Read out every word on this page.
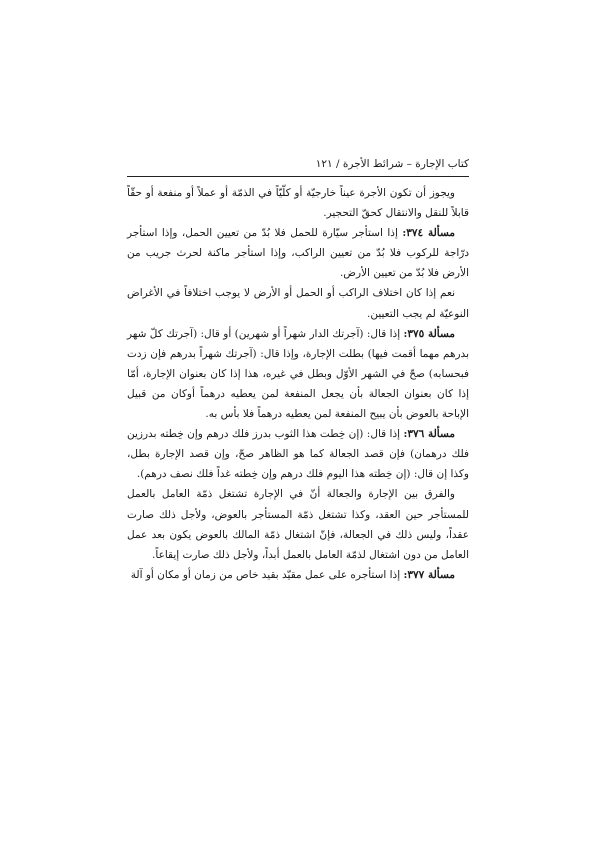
كتاب الإجارة – شرائط الأجرة / ١٢١

ويجوز أن تكون الأجرة عيناً خارجيّة أو كلّيّاً في الذمّة أو عملاً أو منفعة أو حقّاً قابلاً للنقل والانتقال كحقّ التحجير.

مسألة ٣٧٤: إذا استأجر سيّارة للحمل فلا بُدّ من تعيين الحمل، وإذا استأجر درّاجة للركوب فلا بُدّ من تعيين الراكب، وإذا استأجر ماكنة لحرث جريب من الأرض فلا بُدّ من تعيين الأرض.

نعم إذا كان اختلاف الراكب أو الحمل أو الأرض لا يوجب اختلافاً في الأغراض النوعيّة لم يجب التعيين.

مسألة ٣٧٥: إذا قال: (آجرتك الدار شهراً أو شهرين) أو قال: (آجرتك كلّ شهر بدرهم مهما أقمت فيها) بطلت الإجارة، وإذا قال: (آجرتك شهراً بدرهم فإن زدت فبحسابه) صحّ في الشهر الأوّل وبطل في غيره، هذا إذا كان بعنوان الإجارة، أمّا إذا كان بعنوان الجعالة بأن يجعل المنفعة لمن يعطيه درهماً أوكان من قبيل الإباحة بالعوض بأن يبيح المنفعة لمن يعطيه درهماً فلا بأس به.

مسألة ٣٧٦: إذا قال: (إن خِطت هذا الثوب بدرز فلك درهم وإن خِطته بدرزين فلك درهمان) فإن قصد الجعالة كما هو الظاهر صحّ، وإن قصد الإجارة بطل، وكذا إن قال: (إن خِطته هذا اليوم فلك درهم وإن خِطته غداً فلك نصف درهم).

والفرق بين الإجارة والجعالة أنّ في الإجارة تشتغل ذمّة العامل بالعمل للمستأجر حين العقد، وكذا تشتغل ذمّة المستأجر بالعوض، ولأجل ذلك صارت عقداً، وليس ذلك في الجعالة، فإنّ اشتغال ذمّة المالك بالعوض يكون بعد عمل العامل من دون اشتغال لذمّة العامل بالعمل أبداً، ولأجل ذلك صارت إيقاعاً.

مسألة ٣٧٧: إذا استأجره على عمل مقيّد بقيد خاص من زمان أو مكان أو آلة
